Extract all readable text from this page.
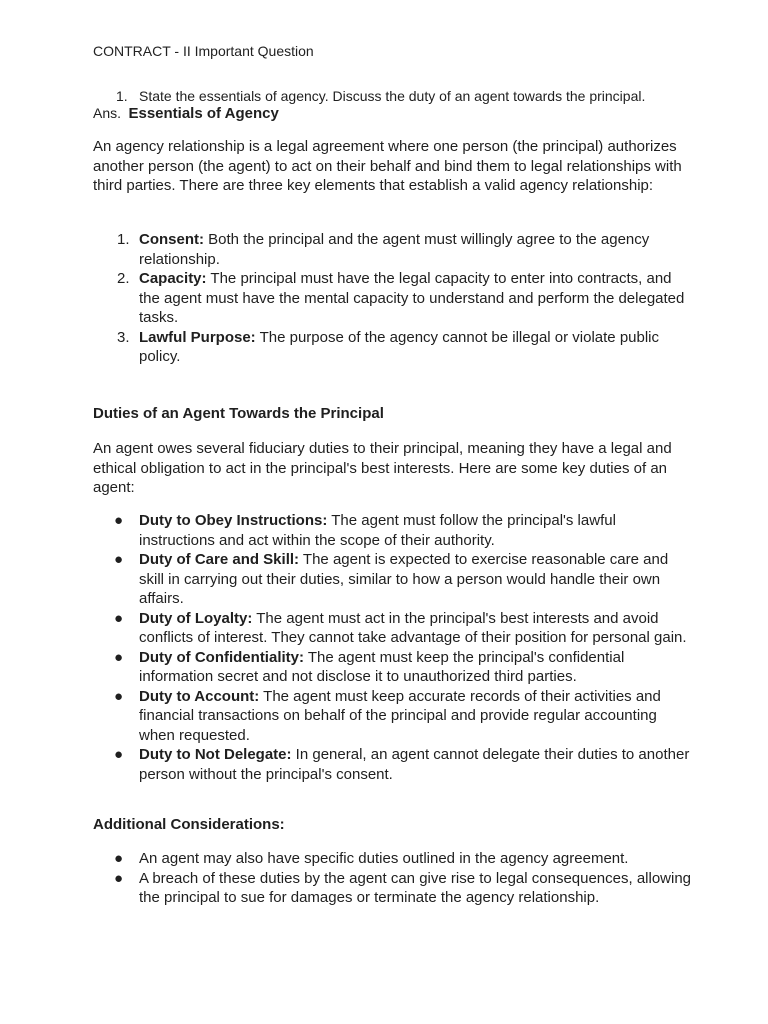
CONTRACT - II Important Question
1. State the essentials of agency. Discuss the duty of an agent towards the principal.
Ans. Essentials of Agency
An agency relationship is a legal agreement where one person (the principal) authorizes another person (the agent) to act on their behalf and bind them to legal relationships with third parties. There are three key elements that establish a valid agency relationship:
1. Consent: Both the principal and the agent must willingly agree to the agency relationship.
2. Capacity: The principal must have the legal capacity to enter into contracts, and the agent must have the mental capacity to understand and perform the delegated tasks.
3. Lawful Purpose: The purpose of the agency cannot be illegal or violate public policy.
Duties of an Agent Towards the Principal
An agent owes several fiduciary duties to their principal, meaning they have a legal and ethical obligation to act in the principal's best interests. Here are some key duties of an agent:
● Duty to Obey Instructions: The agent must follow the principal's lawful instructions and act within the scope of their authority.
● Duty of Care and Skill: The agent is expected to exercise reasonable care and skill in carrying out their duties, similar to how a person would handle their own affairs.
● Duty of Loyalty: The agent must act in the principal's best interests and avoid conflicts of interest. They cannot take advantage of their position for personal gain.
● Duty of Confidentiality: The agent must keep the principal's confidential information secret and not disclose it to unauthorized third parties.
● Duty to Account: The agent must keep accurate records of their activities and financial transactions on behalf of the principal and provide regular accounting when requested.
● Duty to Not Delegate: In general, an agent cannot delegate their duties to another person without the principal's consent.
Additional Considerations:
● An agent may also have specific duties outlined in the agency agreement.
● A breach of these duties by the agent can give rise to legal consequences, allowing the principal to sue for damages or terminate the agency relationship.
